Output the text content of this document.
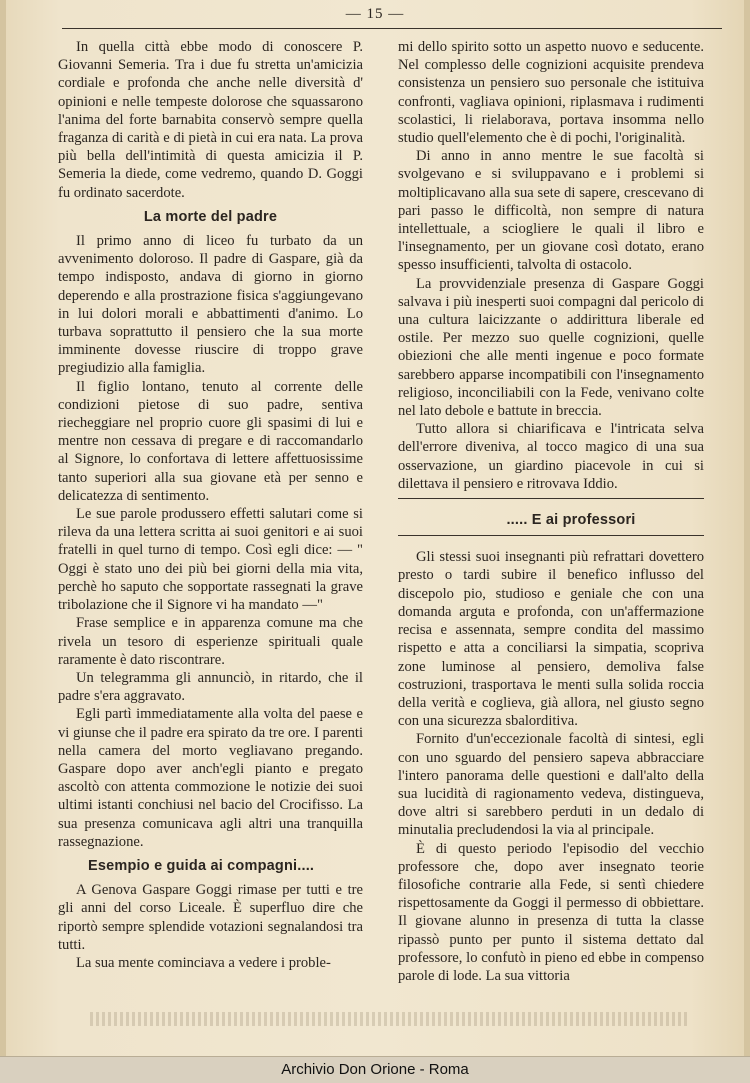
— 15 —

In quella città ebbe modo di conoscere P. Giovanni Semeria. Tra i due fu stretta un'amicizia cordiale e profonda che anche nelle diversità d' opinioni e nelle tempeste dolorose che squassarono l'anima del forte barnabita conservò sempre quella fraganza di carità e di pietà in cui era nata. La prova più bella dell'intimità di questa amicizia il P. Semeria la diede, come vedremo, quando D. Goggi fu ordinato sacerdote.

La morte del padre

Il primo anno di liceo fu turbato da un avvenimento doloroso. Il padre di Gaspare, già da tempo indisposto, andava di giorno in giorno deperendo e alla prostrazione fisica s'aggiungevano in lui dolori morali e abbattimenti d'animo. Lo turbava soprattutto il pensiero che la sua morte imminente dovesse riuscire di troppo grave pregiudizio alla famiglia.

Il figlio lontano, tenuto al corrente delle condizioni pietose di suo padre, sentiva riecheggiare nel proprio cuore gli spasimi di lui e mentre non cessava di pregare e di raccomandarlo al Signore, lo confortava di lettere affettuosissime tanto superiori alla sua giovane età per senno e delicatezza di sentimento.

Le sue parole produssero effetti salutari come si rileva da una lettera scritta ai suoi genitori e ai suoi fratelli in quel turno di tempo. Così egli dice: — " Oggi è stato uno dei più bei giorni della mia vita, perchè ho saputo che sopportate rassegnati la grave tribolazione che il Signore vi ha mandato —"

Frase semplice e in apparenza comune ma che rivela un tesoro di esperienze spirituali quale raramente è dato riscontrare.

Un telegramma gli annunciò, in ritardo, che il padre s'era aggravato.

Egli partì immediatamente alla volta del paese e vi giunse che il padre era spirato da tre ore. I parenti nella camera del morto vegliavano pregando. Gaspare dopo aver anch'egli pianto e pregato ascoltò con attenta commozione le notizie dei suoi ultimi istanti conchiusi nel bacio del Crocifisso. La sua presenza comunicava agli altri una tranquilla rassegnazione.

Esempio e guida ai compagni....

A Genova Gaspare Goggi rimase per tutti e tre gli anni del corso Liceale. È superfluo dire che riportò sempre splendide votazioni segnalandosi tra tutti.

La sua mente cominciava a vedere i proble-

mi dello spirito sotto un aspetto nuovo e seducente. Nel complesso delle cognizioni acquisite prendeva consistenza un pensiero suo personale che istituiva confronti, vagliava opinioni, riplasmava i rudimenti scolastici, li rielaborava, portava insomma nello studio quell'elemento che è di pochi, l'originalità.

Di anno in anno mentre le sue facoltà si svolgevano e si sviluppavano e i problemi si moltiplicavano alla sua sete di sapere, crescevano di pari passo le difficoltà, non sempre di natura intellettuale, a sciogliere le quali il libro e l'insegnamento, per un giovane così dotato, erano spesso insufficienti, talvolta di ostacolo.

La provvidenziale presenza di Gaspare Goggi salvava i più inesperti suoi compagni dal pericolo di una cultura laicizzante o addirittura liberale ed ostile. Per mezzo suo quelle cognizioni, quelle obiezioni che alle menti ingenue e poco formate sarebbero apparse incompatibili con l'insegnamento religioso, inconciliabili con la Fede, venivano colte nel lato debole e battute in breccia.

Tutto allora si chiarificava e l'intricata selva dell'errore diveniva, al tocco magico di una sua osservazione, un giardino piacevole in cui si dilettava il pensiero e ritrovava Iddio.

..... E ai professori

Gli stessi suoi insegnanti più refrattari dovettero presto o tardi subire il benefico influsso del discepolo pio, studioso e geniale che con una domanda arguta e profonda, con un'affermazione recisa e assennata, sempre condita del massimo rispetto e atta a conciliarsi la simpatia, scopriva zone luminose al pensiero, demoliva false costruzioni, trasportava le menti sulla solida roccia della verità e coglieva, già allora, nel giusto segno con una sicurezza sbalorditiva.

Fornito d'un'eccezionale facoltà di sintesi, egli con uno sguardo del pensiero sapeva abbracciare l'intero panorama delle questioni e dall'alto della sua lucidità di ragionamento vedeva, distingueva, dove altri si sarebbero perduti in un dedalo di minutalia precludendosi la via al principale.

È di questo periodo l'episodio del vecchio professore che, dopo aver insegnato teorie filosofiche contrarie alla Fede, si sentì chiedere rispettosamente da Goggi il permesso di obbiettare. Il giovane alunno in presenza di tutta la classe ripassò punto per punto il sistema dettato dal professore, lo confutò in pieno ed ebbe in compenso parole di lode. La sua vittoria

Archivio Don Orione - Roma
